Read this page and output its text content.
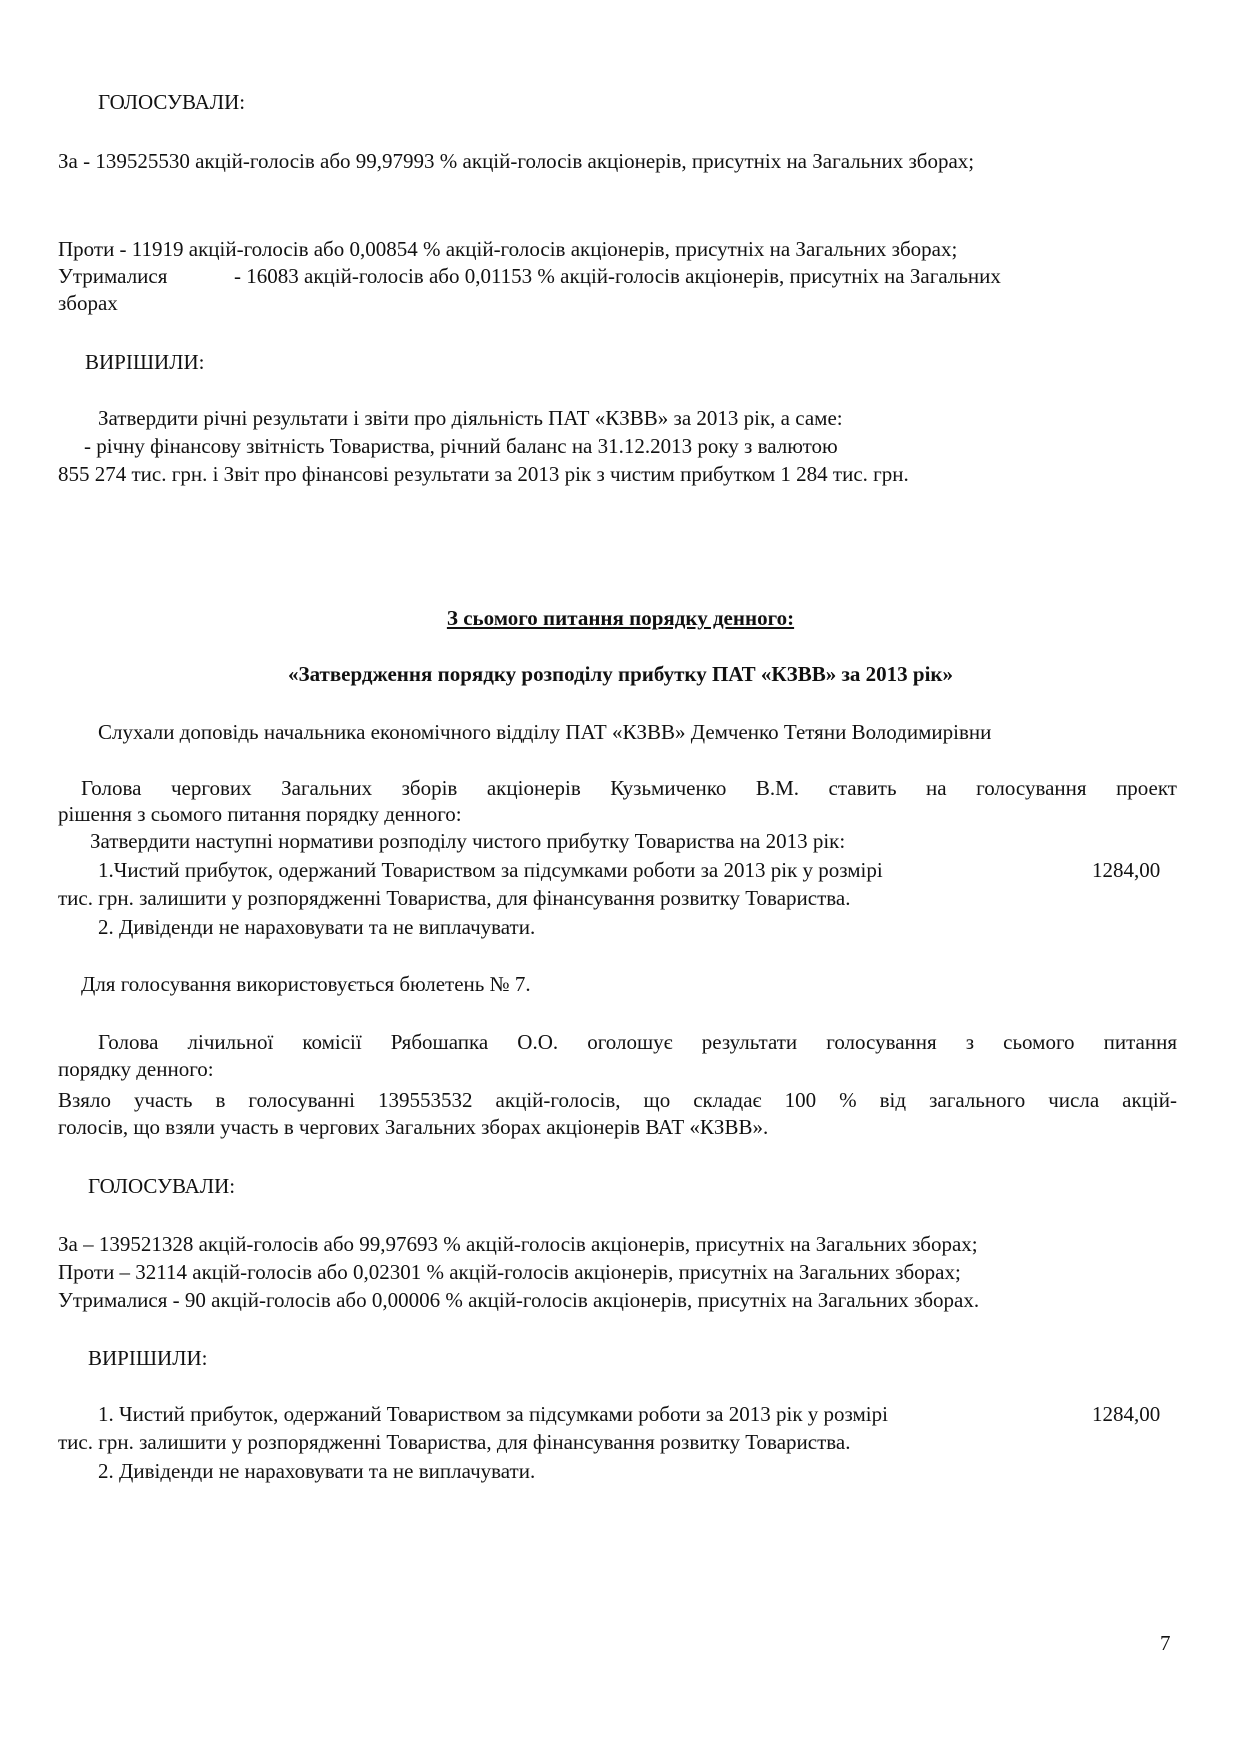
ГОЛОСУВАЛИ:
За - 139525530 акцій-голосів або 99,97993 % акцій-голосів акціонерів, присутніх на Загальних зборах;
Проти - 11919 акцій-голосів або 0,00854 % акцій-голосів акціонерів, присутніх на Загальних зборах;
Утрималися	- 16083 акцій-голосів або 0,01153 % акцій-голосів акціонерів, присутніх на Загальних
зборах
ВИРІШИЛИ:
Затвердити річні результати і звіти про діяльність ПАТ «КЗВВ» за 2013 рік, а саме:
- річну фінансову звітність Товариства, річний баланс на 31.12.2013 року з валютою
855 274 тис. грн. і Звіт про фінансові результати за 2013 рік з чистим прибутком 1 284 тис. грн.
З сьомого питання порядку денного:
«Затвердження порядку розподілу прибутку ПАТ «КЗВВ» за 2013 рік»
Слухали доповідь начальника економічного відділу ПАТ «КЗВВ» Демченко Тетяни Володимирівни
Голова чергових Загальних зборів акціонерів Кузьмиченко В.М. ставить на голосування проект
рішення з сьомого питання порядку денного:
Затвердити наступні нормативи розподілу чистого прибутку Товариства на 2013 рік:
1.Чистий прибуток, одержаний Товариством за підсумками роботи за 2013 рік у розмірі	1284,00
тис. грн. залишити у розпорядженні Товариства, для фінансування розвитку Товариства.
2. Дивіденди не нараховувати та не виплачувати.
Для голосування використовується бюлетень № 7.
Голова лічильної комісії Рябошапка О.О. оголошує результати голосування з сьомого питання
порядку денного:
Взяло участь в голосуванні 139553532 акцій-голосів, що складає 100 % від загального числа акцій-
голосів, що взяли участь в чергових Загальних зборах акціонерів ВАТ «КЗВВ».
ГОЛОСУВАЛИ:
За – 139521328 акцій-голосів або 99,97693 % акцій-голосів акціонерів, присутніх на Загальних зборах;
Проти – 32114 акцій-голосів або 0,02301 % акцій-голосів акціонерів, присутніх на Загальних зборах;
Утрималися - 90 акцій-голосів або 0,00006 % акцій-голосів акціонерів, присутніх на Загальних зборах.
ВИРІШИЛИ:
1. Чистий прибуток, одержаний Товариством за підсумками роботи за 2013 рік у розмірі	1284,00
тис. грн. залишити у розпорядженні Товариства, для фінансування розвитку Товариства.
2. Дивіденди не нараховувати та не виплачувати.
7
